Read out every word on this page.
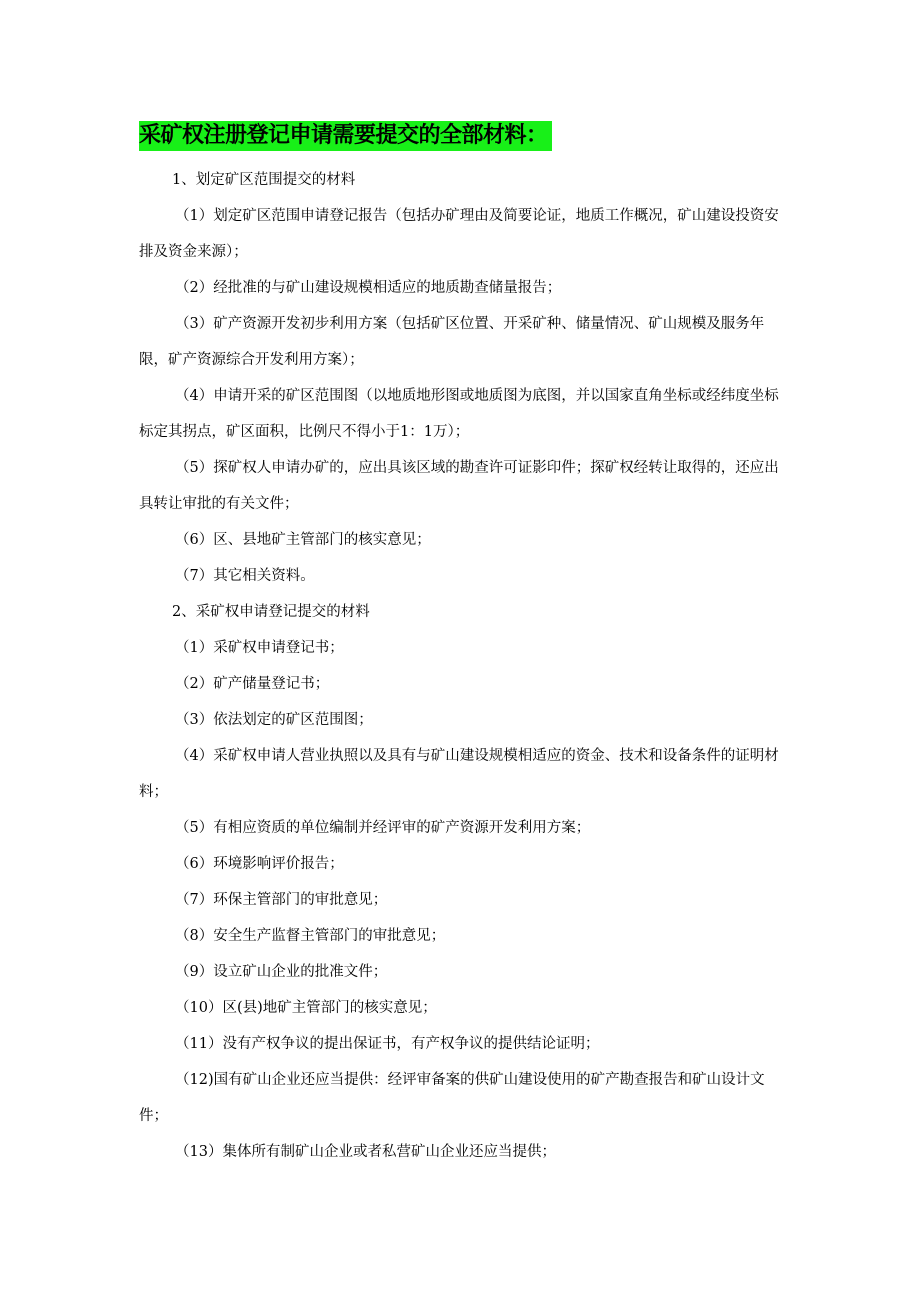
采矿权注册登记申请需要提交的全部材料：
1、划定矿区范围提交的材料
（1）划定矿区范围申请登记报告（包括办矿理由及简要论证，地质工作概况，矿山建设投资安排及资金来源）；
（2）经批准的与矿山建设规模相适应的地质勘查储量报告；
（3）矿产资源开发初步利用方案（包括矿区位置、开采矿种、储量情况、矿山规模及服务年限，矿产资源综合开发利用方案）；
（4）申请开采的矿区范围图（以地质地形图或地质图为底图，并以国家直角坐标或经纬度坐标标定其拐点，矿区面积，比例尺不得小于1：1万）；
（5）探矿权人申请办矿的，应出具该区域的勘查许可证影印件；探矿权经转让取得的，还应出具转让审批的有关文件；
（6）区、县地矿主管部门的核实意见；
（7）其它相关资料。
2、采矿权申请登记提交的材料
（1）采矿权申请登记书；
（2）矿产储量登记书；
（3）依法划定的矿区范围图；
（4）采矿权申请人营业执照以及具有与矿山建设规模相适应的资金、技术和设备条件的证明材料；
（5）有相应资质的单位编制并经评审的矿产资源开发利用方案；
（6）环境影响评价报告；
（7）环保主管部门的审批意见；
（8）安全生产监督主管部门的审批意见；
（9）设立矿山企业的批准文件；
（10）区(县)地矿主管部门的核实意见；
（11）没有产权争议的提出保证书，有产权争议的提供结论证明；
（12)国有矿山企业还应当提供：经评审备案的供矿山建设使用的矿产勘查报告和矿山设计文件；
（13）集体所有制矿山企业或者私营矿山企业还应当提供；
